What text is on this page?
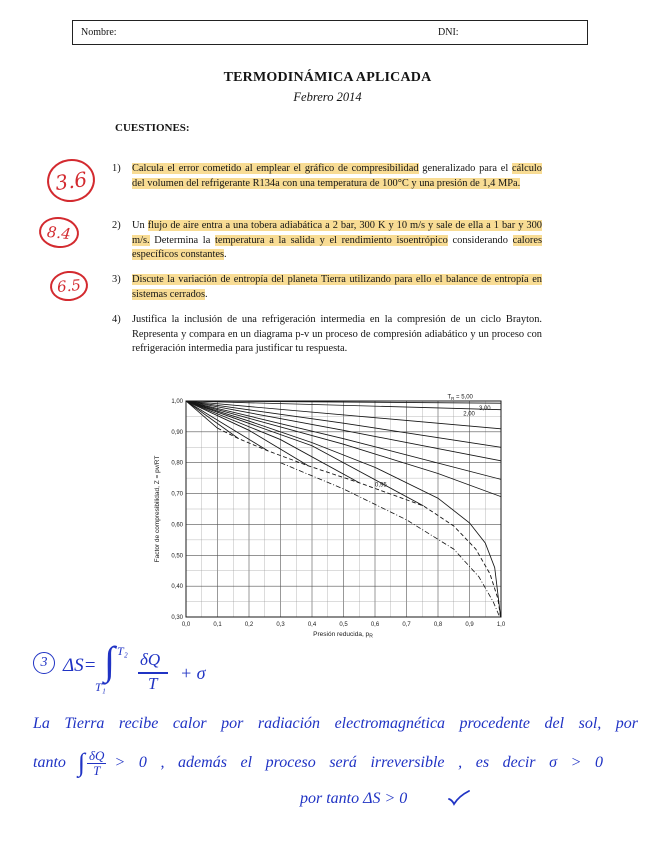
Nombre:	DNI:
TERMODINÁMICA APLICADA
Febrero 2014
CUESTIONES:
1) Calcula el error cometido al emplear el gráfico de compresibilidad generalizado para el cálculo del volumen del refrigerante R134a con una temperatura de 100°C y una presión de 1,4 MPa.
2) Un flujo de aire entra a una tobera adiabática a 2 bar, 300 K y 10 m/s y sale de ella a 1 bar y 300 m/s. Determina la temperatura a la salida y el rendimiento isoentrópico considerando calores específicos constantes.
3) Discute la variación de entropía del planeta Tierra utilizando para ello el balance de entropía en sistemas cerrados.
4) Justifica la inclusión de una refrigeración intermedia en la compresión de un ciclo Brayton. Representa y compara en un diagrama p-v un proceso de compresión adiabático y un proceso con refrigeración intermedia para justificar tu respuesta.
3.6
8.4
6.5
0,0	0,1	0,2	0,3	0,4	0,5	0,6	0,7	0,8	0,9	1,0
1,00
0,90
0,80
0,70
0,60
0,50
0,40
0,30
$T_R = 5,00$
3,00
2,00
0,95
Factor de compresibilidad, Z = pv/RT
Presión reducida, $p_R$
3 ΔS= ∫ T₂
T₁
δQ
T
+ σ
La Tierra recibe calor por radiación electromagnética procedente del sol, por
tanto ∫ $\frac{\delta Q}{T} > 0$ , además el proceso será irreversible , es decir σ > 0
por tanto ΔS > 0
